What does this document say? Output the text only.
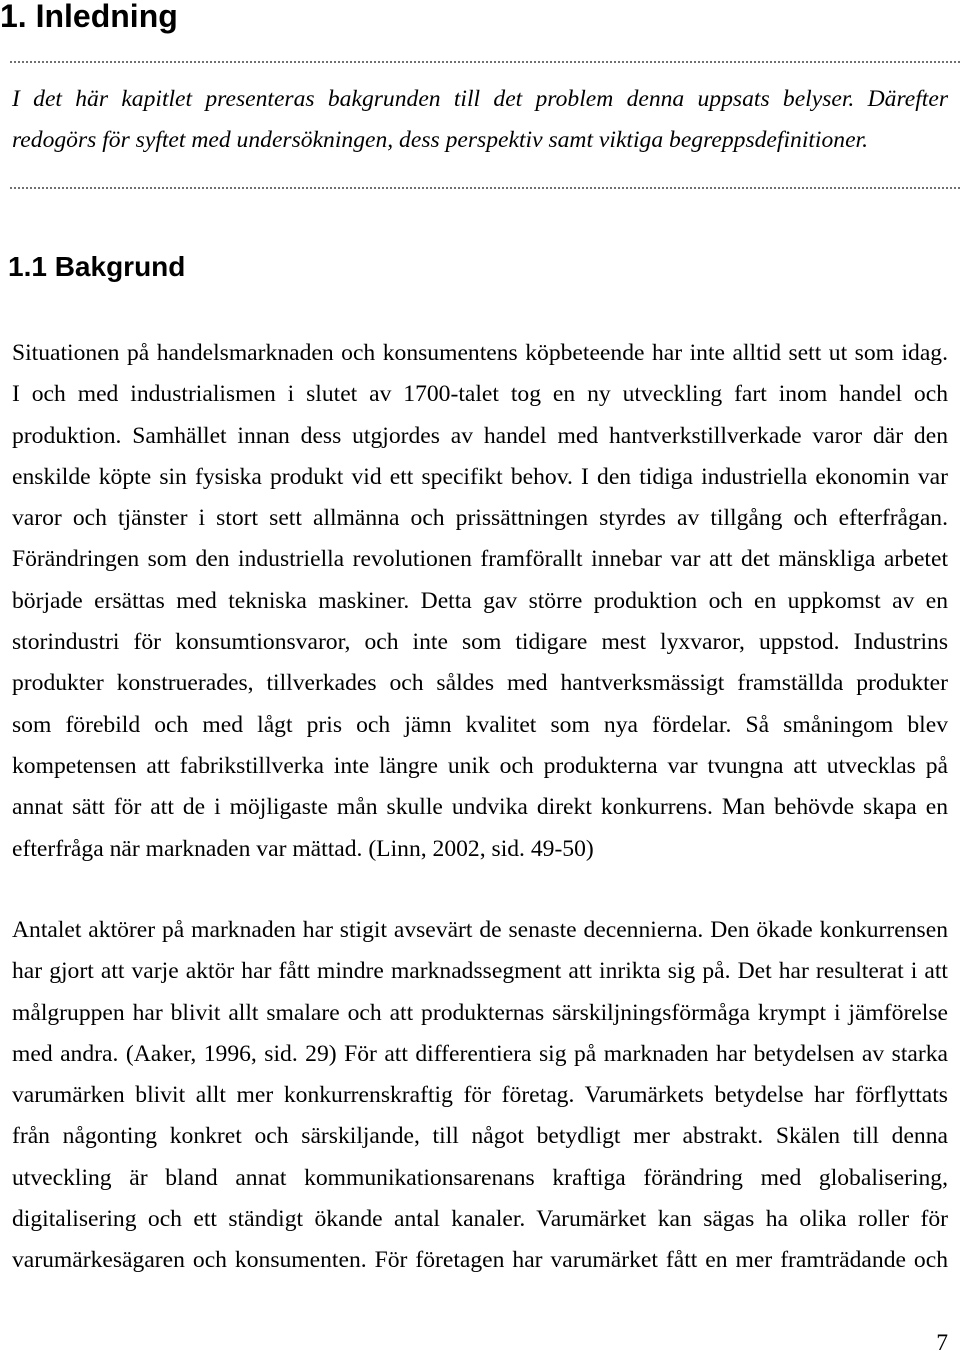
1. Inledning
I det här kapitlet presenteras bakgrunden till det problem denna uppsats belyser. Därefter
redogörs för syftet med undersökningen, dess perspektiv samt viktiga begreppsdefinitioner.
1.1 Bakgrund
Situationen på handelsmarknaden och konsumentens köpbeteende har inte alltid sett ut som idag.
I och med industrialismen i slutet av 1700-talet tog en ny utveckling fart inom handel och
produktion. Samhället innan dess utgjordes av handel med hantverkstillverkade varor där den
enskilde köpte sin fysiska produkt vid ett specifikt behov. I den tidiga industriella ekonomin var
varor och tjänster i stort sett allmänna och prissättningen styrdes av tillgång och efterfrågan.
Förändringen som den industriella revolutionen framförallt innebar var att det mänskliga arbetet
började ersättas med tekniska maskiner. Detta gav större produktion och en uppkomst av en
storindustri för konsumtionsvaror, och inte som tidigare mest lyxvaror, uppstod. Industrins
produkter konstruerades, tillverkades och såldes med hantverksmässigt framställda produkter
som förebild och med lågt pris och jämn kvalitet som nya fördelar. Så småningom blev
kompetensen att fabrikstillverka inte längre unik och produkterna var tvungna att utvecklas på
annat sätt för att de i möjligaste mån skulle undvika direkt konkurrens. Man behövde skapa en
efterfråga när marknaden var mättad. (Linn, 2002, sid. 49-50)
Antalet aktörer på marknaden har stigit avsevärt de senaste decennierna. Den ökade konkurrensen
har gjort att varje aktör har fått mindre marknadssegment att inrikta sig på. Det har resulterat i att
målgruppen har blivit allt smalare och att produkternas särskiljningsförmåga krympt i jämförelse
med andra. (Aaker, 1996, sid. 29) För att differentiera sig på marknaden har betydelsen av starka
varumärken blivit allt mer konkurrenskraftig för företag. Varumärkets betydelse har förflyttats
från någonting konkret och särskiljande, till något betydligt mer abstrakt. Skälen till denna
utveckling är bland annat kommunikationsarenans kraftiga förändring med globalisering,
digitalisering och ett ständigt ökande antal kanaler. Varumärket kan sägas ha olika roller för
varumärkesägaren och konsumenten. För företagen har varumärket fått en mer framträdande och
7
